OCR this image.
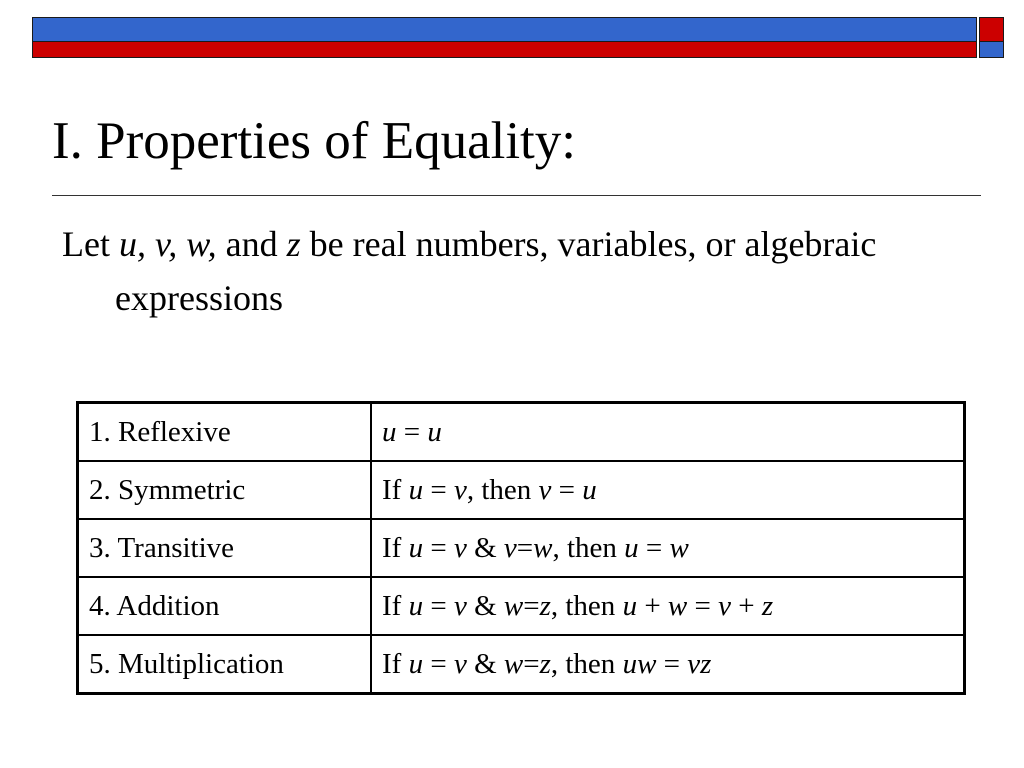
I. Properties of Equality:

Let u, v, w, and z be real numbers, variables, or algebraic expressions

1. Reflexive	u = u
2. Symmetric	If u = v, then v = u
3. Transitive	If u = v & v=w, then u = w
4. Addition	If u = v & w=z, then u + w = v + z
5. Multiplication	If u = v & w=z, then uw = vz
